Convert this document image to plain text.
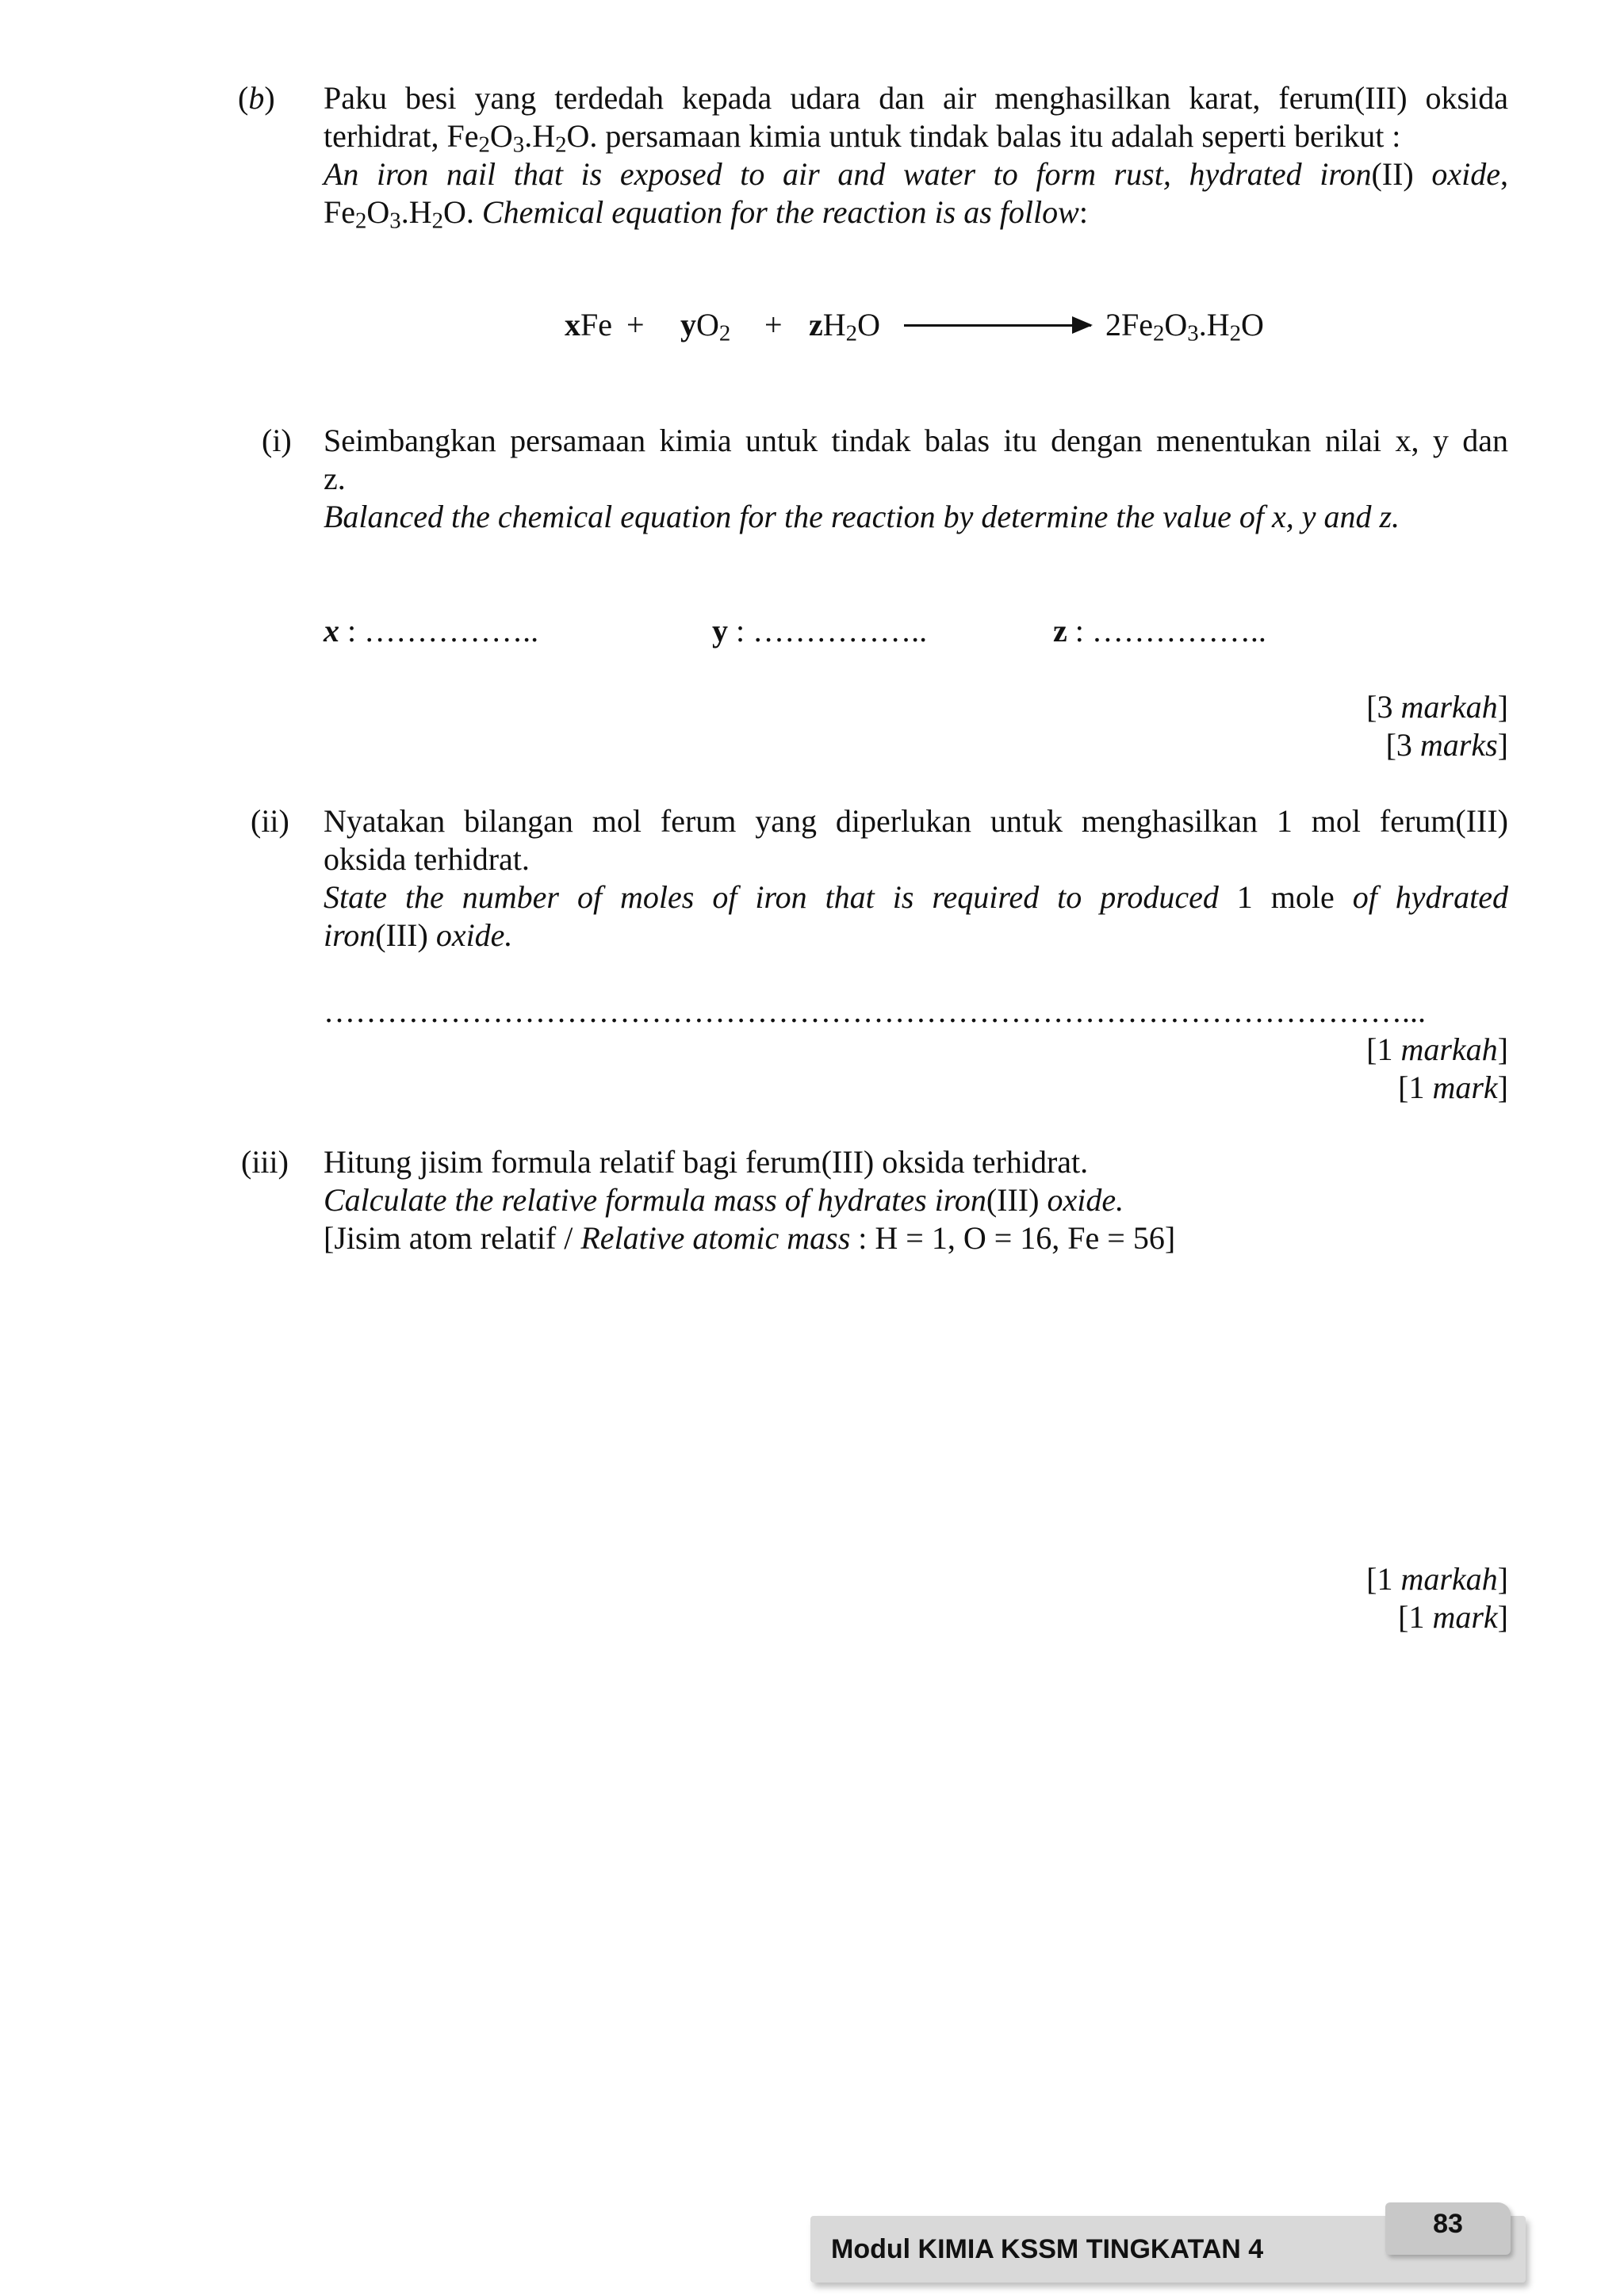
(b) Paku besi yang terdedah kepada udara dan air menghasilkan karat, ferum(III) oksida
terhidrat, $Fe_2O_3.H_2O$. persamaan kimia untuk tindak balas itu adalah seperti berikut :
An iron nail that is exposed to air and water to form rust, hydrated iron(II) oxide,
$Fe_2O_3.H_2O$. Chemical equation for the reaction is as follow:
xFe + $yO_2 + zH_2O$	$2Fe_2O_3.H_2O$
(i) Seimbangkan persamaan kimia untuk tindak balas itu dengan menentukan nilai x, y dan
z.
Balanced the chemical equation for the reaction by determine the value of x, y and z.
x : ……………..	y : ……………..	z : ……………..
[3 markah]
[3 marks]
(ii) Nyatakan bilangan mol ferum yang diperlukan untuk menghasilkan 1 mol ferum(III)
oksida terhidrat.
State the number of moles of iron that is required to produced 1 mole of hydrated
iron(III) oxide.
…………………………………………………………………………………………...
[1 markah]
[1 mark]
(iii) Hitung jisim formula relatif bagi ferum(III) oksida terhidrat.
Calculate the relative formula mass of hydrates iron(III) oxide.
[Jisim atom relatif / Relative atomic mass : H = 1, O = 16, Fe = 56]
[1 markah]
[1 mark]
Modul KIMIA KSSM TINGKATAN 4
83
